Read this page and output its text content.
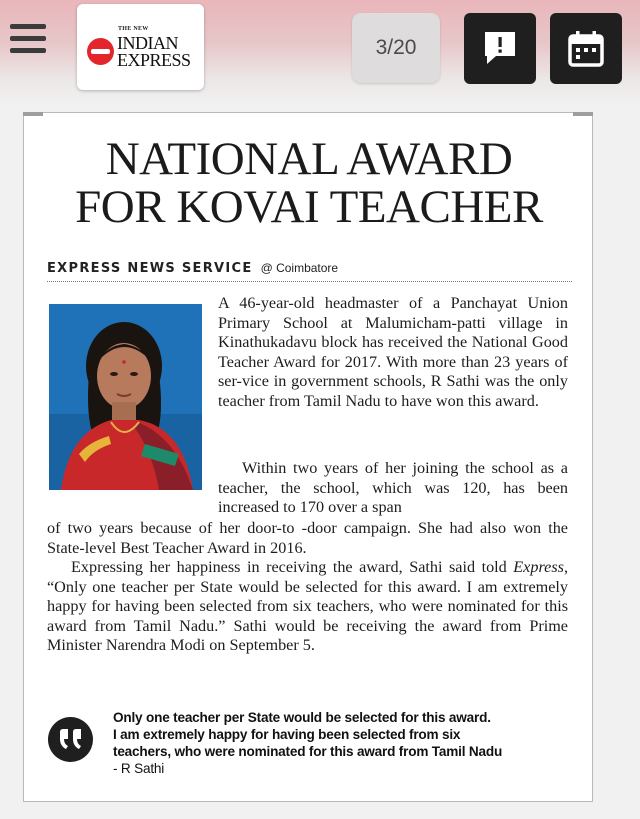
THE NEW
INDIAN
EXPRESS
3/20
NATIONAL AWARD
FOR KOVAI TEACHER
EXPRESS NEWS SERVICE @ Coimbatore

A 46-year-old headmaster of a Panchayat Union Primary School at Malumicham-patti village in Kinathukadavu block has received the National Good Teacher Award for 2017. With more than 23 years of ser-vice in government schools, R Sathi was the only teacher from Tamil Nadu to have won this award.

Within two years of her joining the school as a teacher, the school, which was 120, has been increased to 170 over a span

of two years because of her door-to -door campaign. She had also won the State-level Best Teacher Award in 2016.

Expressing her happiness in receiving the award, Sathi said told Express, “Only one teacher per State would be selected for this award. I am extremely happy for having been selected from six teachers, who were nominated for this award from Tamil Nadu.” Sathi would be receiving the award from Prime Minister Narendra Modi on September 5.

Only one teacher per State would be selected for this award.
I am extremely happy for having been selected from six
teachers, who were nominated for this award from Tamil Nadu
- R Sathi
